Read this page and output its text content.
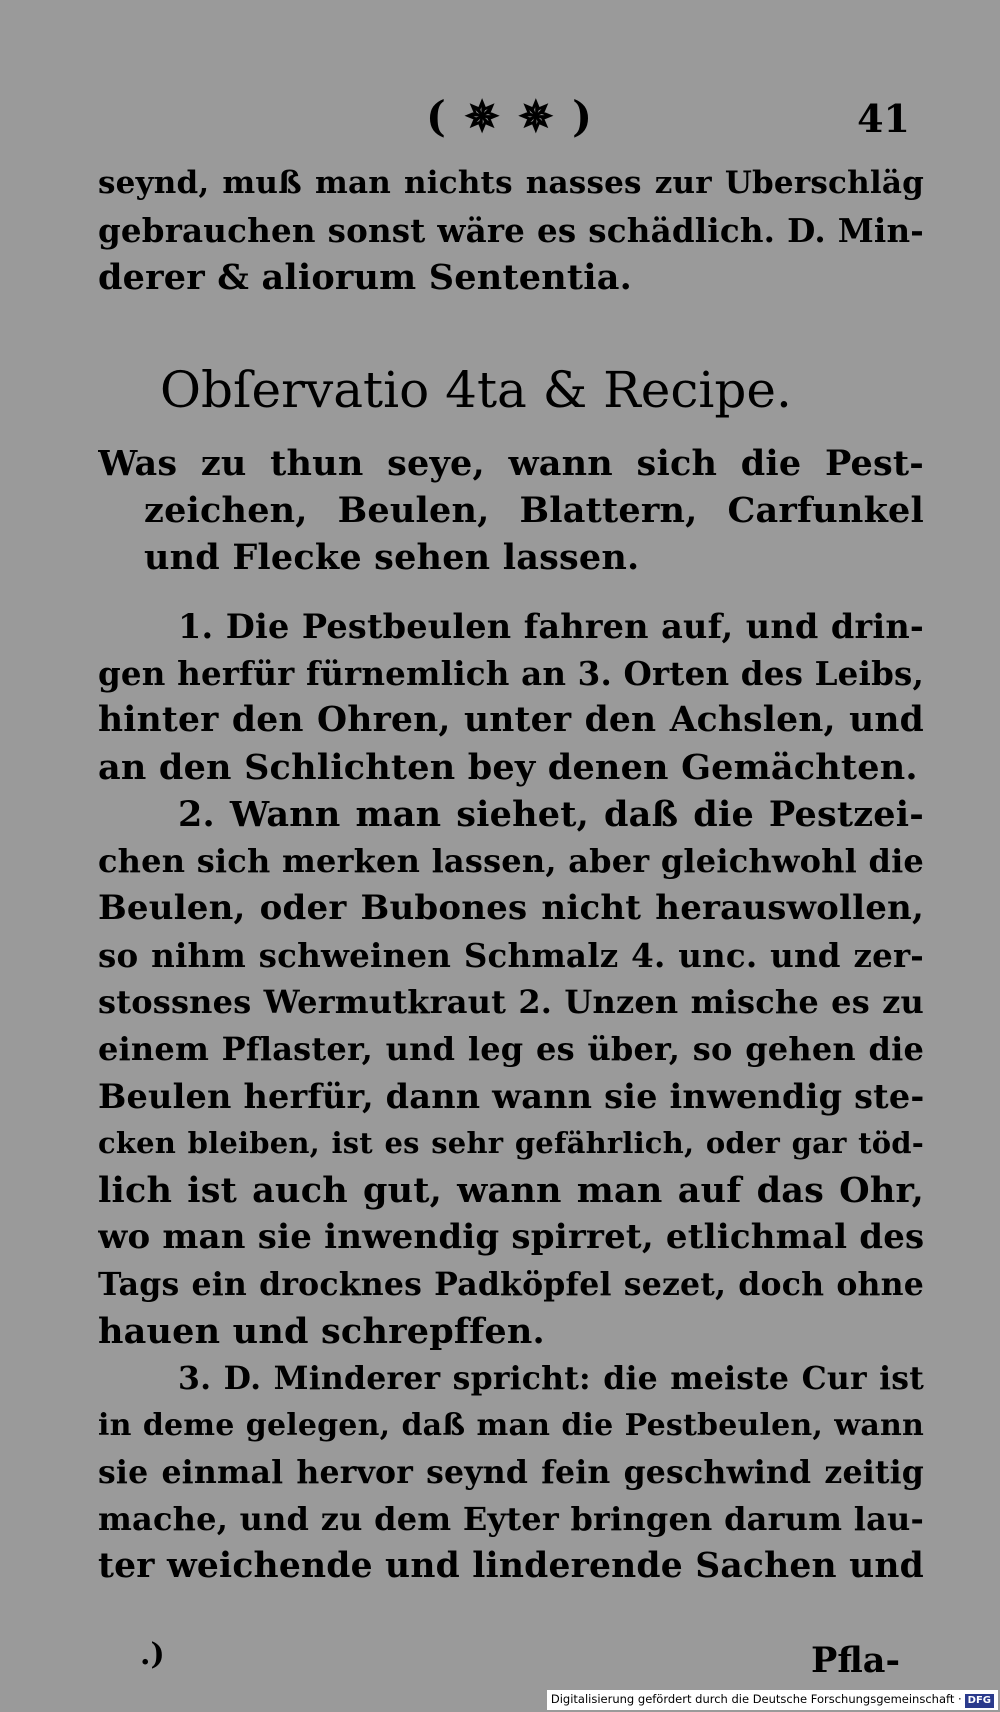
( ✵ ✵ )	41
seynd, muß man nichts nasses zur Uberschläg
gebrauchen sonst wäre es schädlich. D. Min-
derer & aliorum Sententia.
Obſervatio 4ta & Recipe.
Was zu thun seye, wann sich die Pest-
zeichen, Beulen, Blattern, Carfunkel
und Flecke sehen lassen.
1. Die Pestbeulen fahren auf, und drin-
gen herfür fürnemlich an 3. Orten des Leibs,
hinter den Ohren, unter den Achslen, und
an den Schlichten bey denen Gemächten.
2. Wann man siehet, daß die Pestzei-
chen sich merken lassen, aber gleichwohl die
Beulen, oder Bubones nicht herauswollen,
so nihm schweinen Schmalz 4. unc. und zer-
stossnes Wermutkraut 2. Unzen mische es zu
einem Pflaster, und leg es über, so gehen die
Beulen herfür, dann wann sie inwendig ste-
cken bleiben, ist es sehr gefährlich, oder gar töd-
lich ist auch gut, wann man auf das Ohr,
wo man sie inwendig spirret, etlichmal des
Tags ein drocknes Padköpfel sezet, doch ohne
hauen und schrepffen.
3. D. Minderer spricht: die meiste Cur ist
in deme gelegen, daß man die Pestbeulen, wann
sie einmal hervor seynd fein geschwind zeitig
mache, und zu dem Eyter bringen darum lau-
ter weichende und linderende Sachen und
.)	Pfla-
Digitalisierung gefördert durch die Deutsche Forschungsgemeinschaft · DFG
